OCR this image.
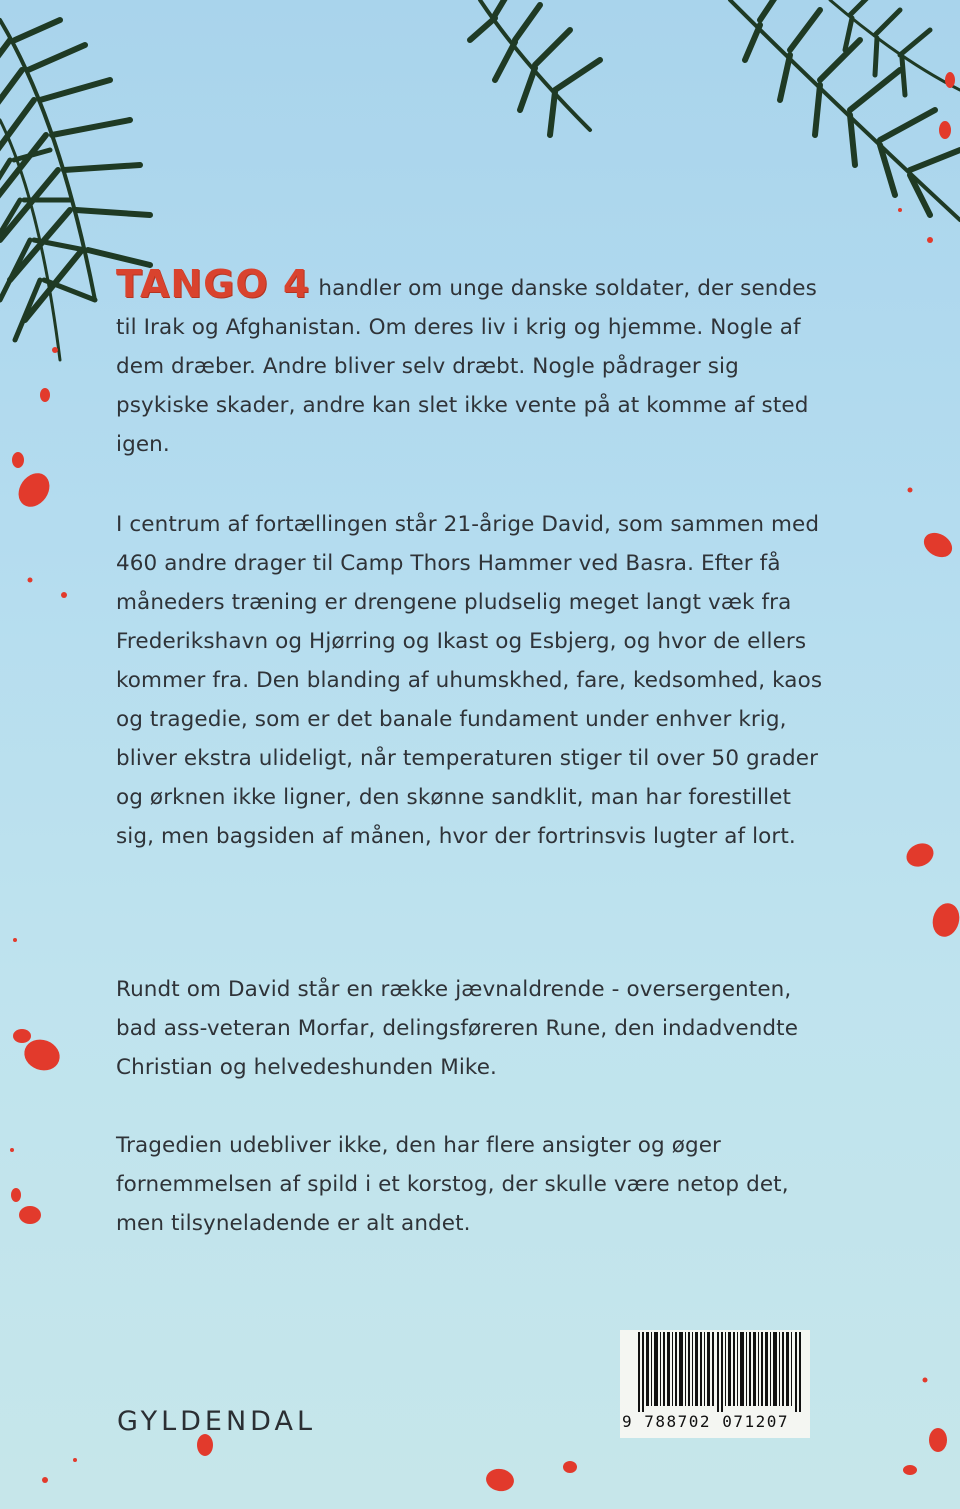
TANGO 4 handler om unge danske soldater, der sendes til Irak og Afghanistan. Om deres liv i krig og hjemme. Nogle af dem dræber. Andre bliver selv dræbt. Nogle pådrager sig psykiske skader, andre kan slet ikke vente på at komme af sted igen.

I centrum af fortællingen står 21-årige David, som sammen med 460 andre drager til Camp Thors Hammer ved Basra. Efter få måneders træning er drengene pludselig meget langt væk fra Frederikshavn og Hjørring og Ikast og Esbjerg, og hvor de ellers kommer fra. Den blanding af uhumskhed, fare, kedsomhed, kaos og tragedie, som er det banale fundament under enhver krig, bliver ekstra ulideligt, når temperaturen stiger til over 50 grader og ørknen ikke ligner, den skønne sandklit, man har forestillet sig, men bagsiden af månen, hvor der fortrinsvis lugter af lort.

Rundt om David står en række jævnaldrende - oversergenten, bad ass-veteran Morfar, delingsføreren Rune, den indadvendte Christian og helvedeshunden Mike.

Tragedien udebliver ikke, den har flere ansigter og øger fornemmelsen af spild i et korstog, der skulle være netop det, men tilsyneladende er alt andet.

GYLDENDAL	9 788702 071207
